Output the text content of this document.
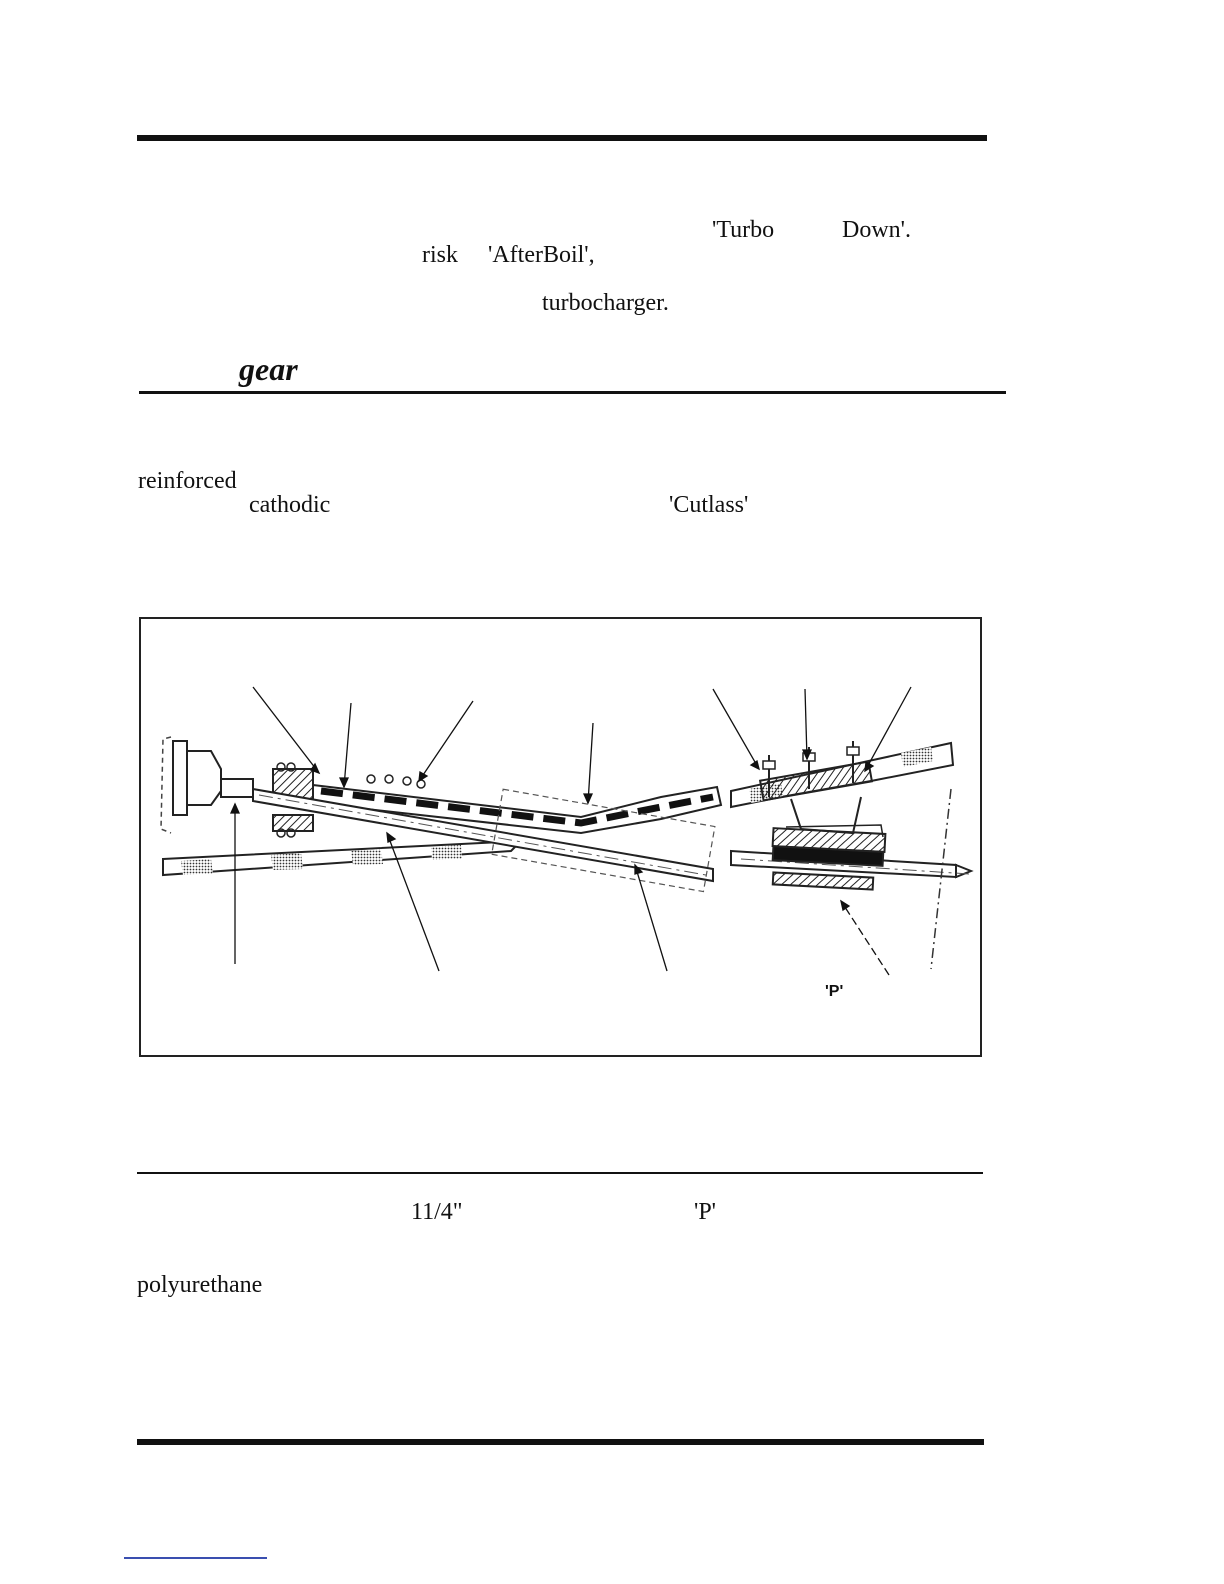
'Turbo	Down'.
risk 'AfterBoil',
turbocharger.
gear
reinforced
cathodic	'Cutlass'
'P'
11/4"	'P'
polyurethane
